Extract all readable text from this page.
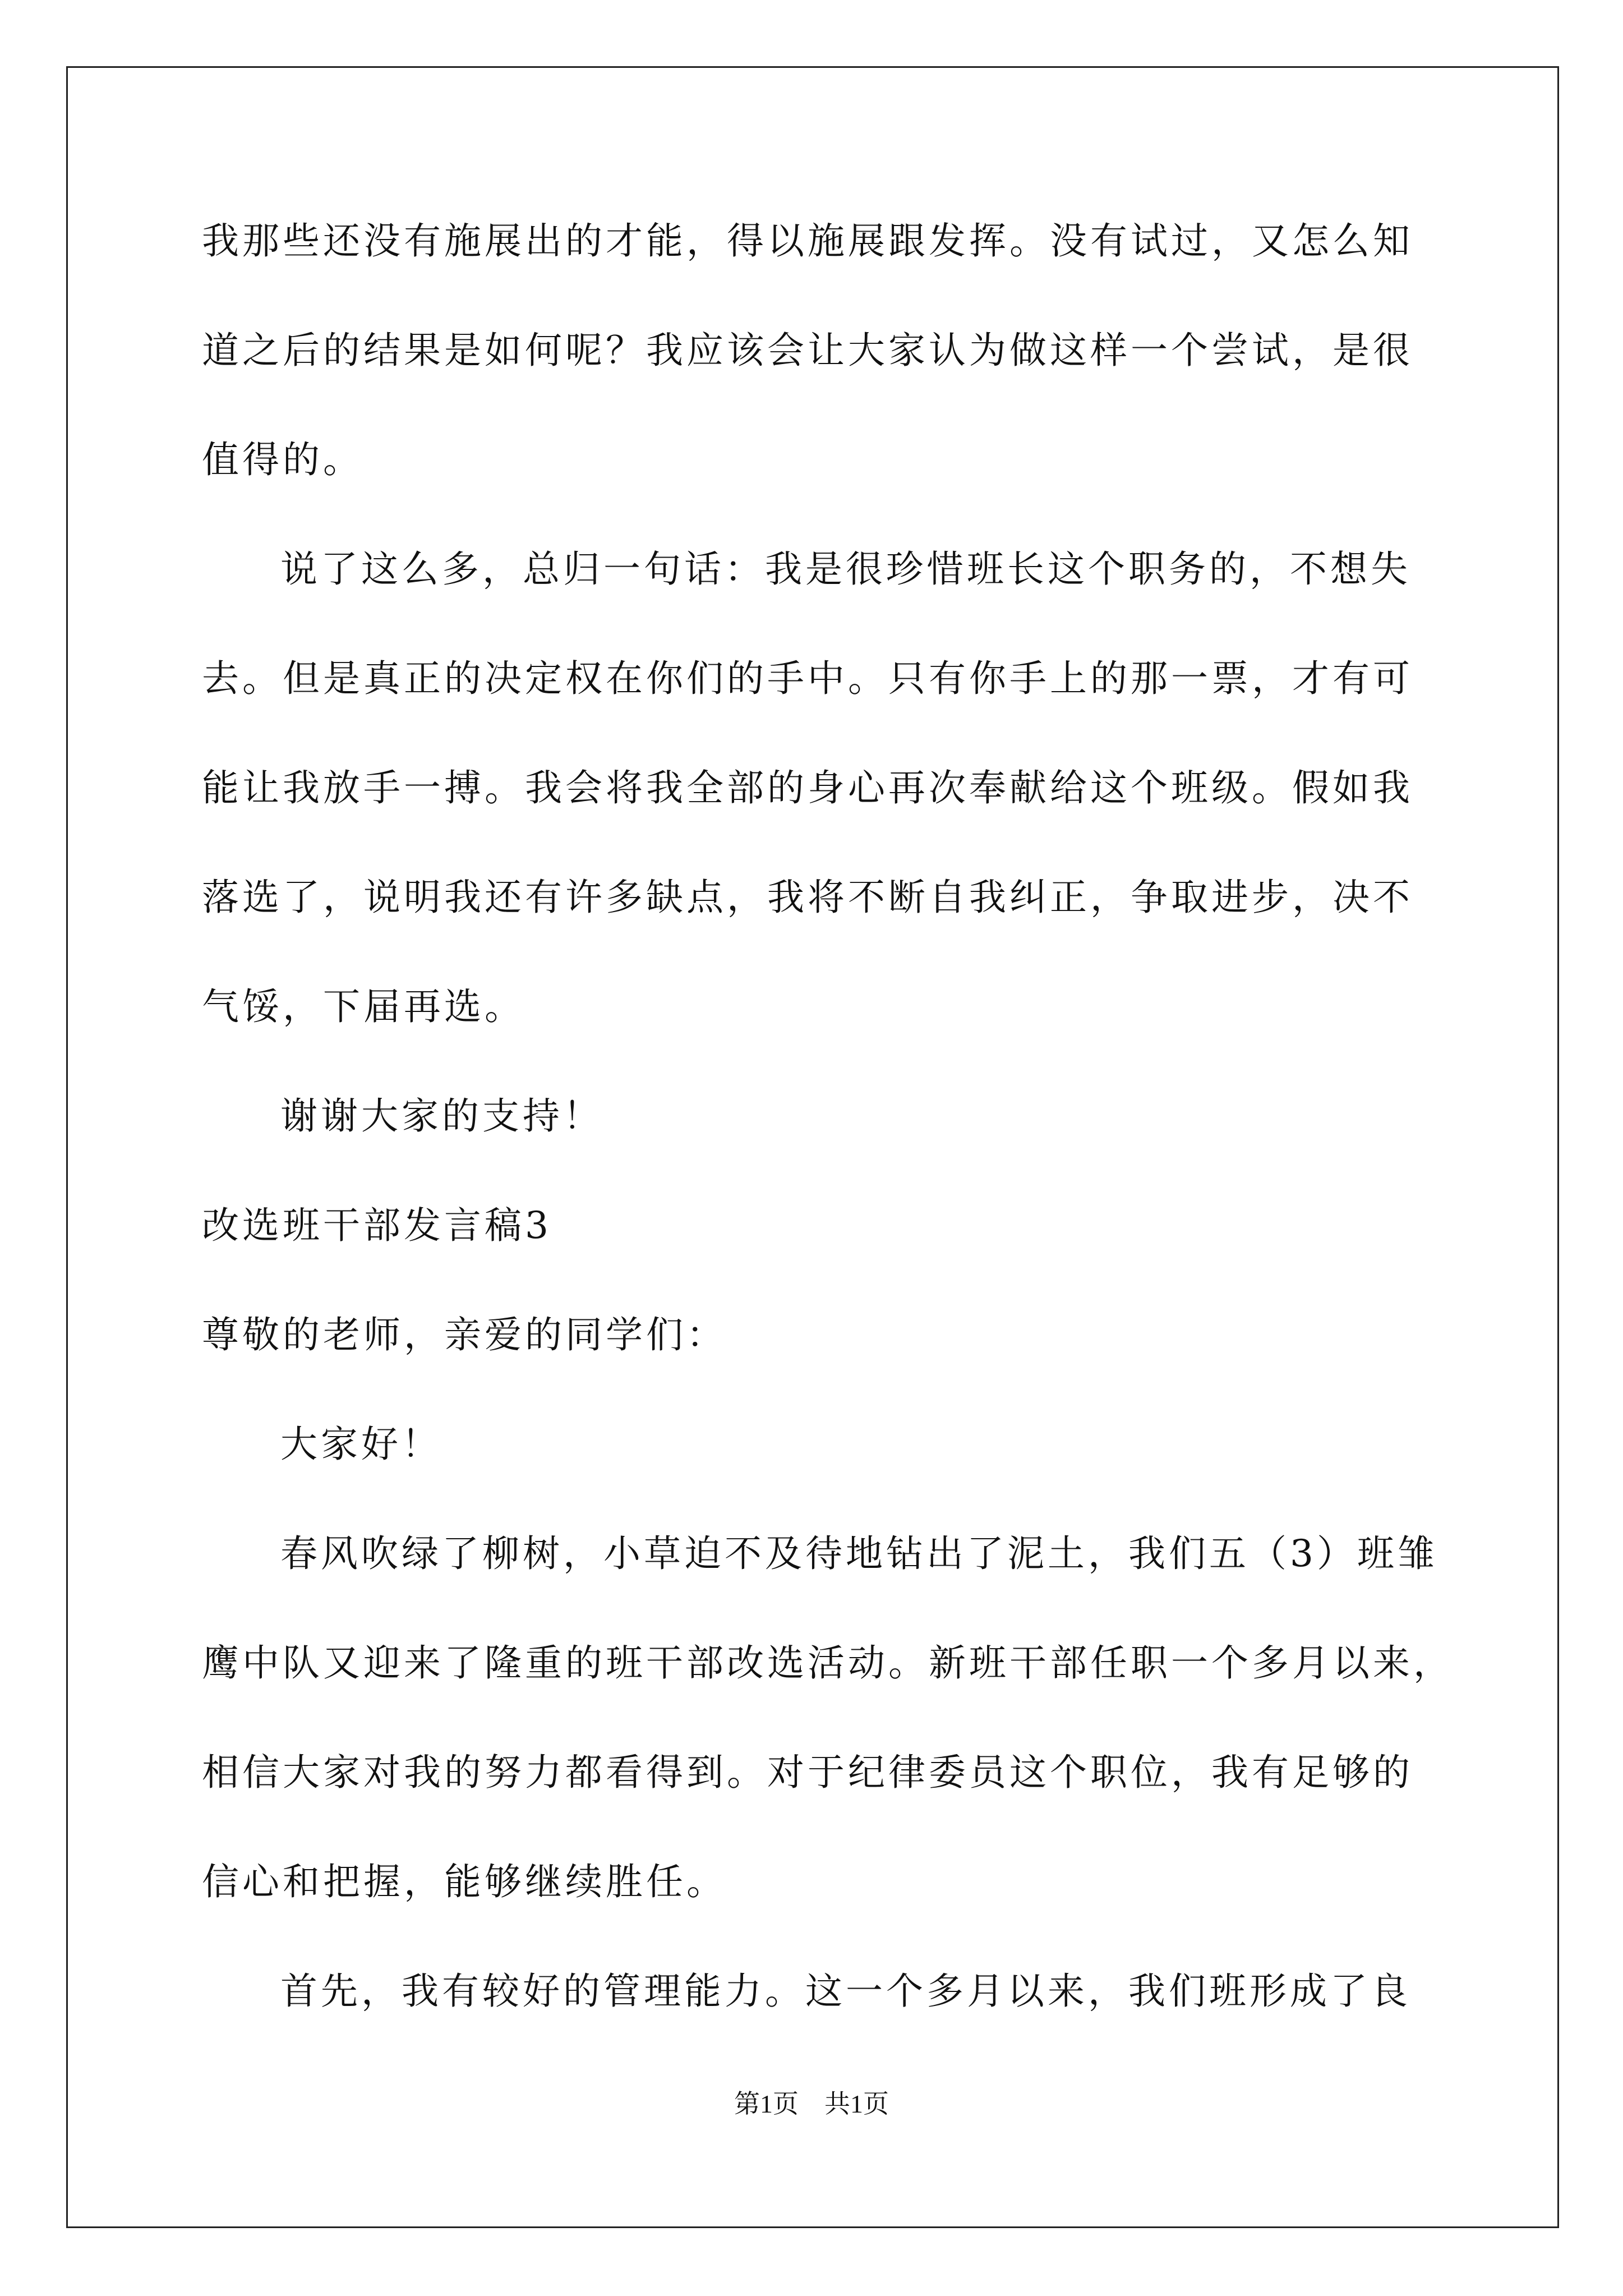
我那些还没有施展出的才能，得以施展跟发挥。没有试过，又怎么知
道之后的结果是如何呢？我应该会让大家认为做这样一个尝试，是很
值得的。
说了这么多，总归一句话：我是很珍惜班长这个职务的，不想失
去。但是真正的决定权在你们的手中。只有你手上的那一票，才有可
能让我放手一搏。我会将我全部的身心再次奉献给这个班级。假如我
落选了，说明我还有许多缺点，我将不断自我纠正，争取进步，决不
气馁，下届再选。
谢谢大家的支持！
改选班干部发言稿3
尊敬的老师，亲爱的同学们：
大家好！
春风吹绿了柳树，小草迫不及待地钻出了泥土，我们五（3）班雏
鹰中队又迎来了隆重的班干部改选活动。新班干部任职一个多月以来，
相信大家对我的努力都看得到。对于纪律委员这个职位，我有足够的
信心和把握，能够继续胜任。
首先，我有较好的管理能力。这一个多月以来，我们班形成了良
第1页　共1页
